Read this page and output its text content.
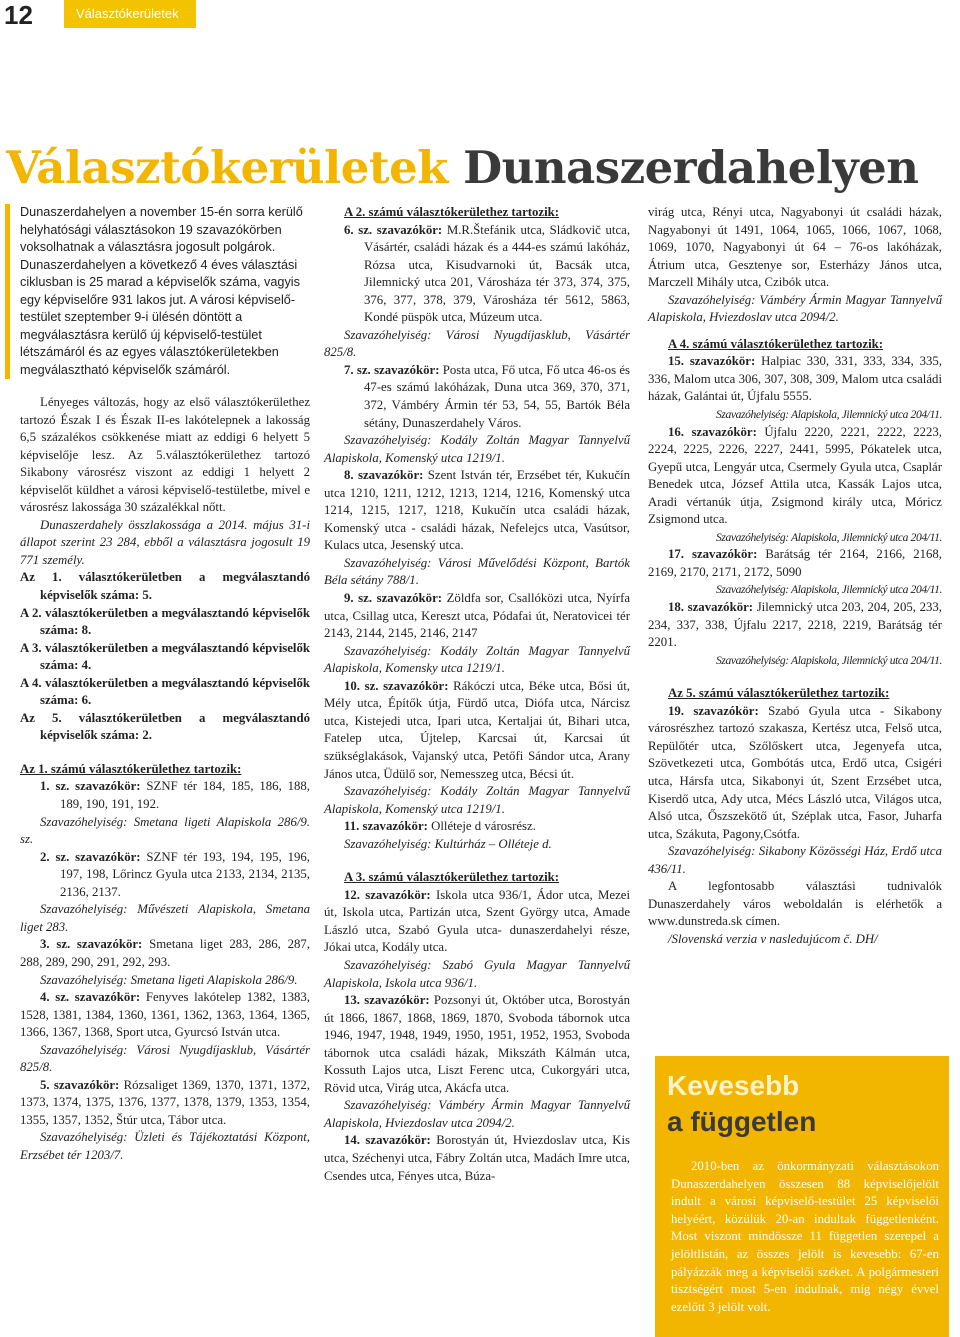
12	Választókerületek
Választókerületek Dunaszerdahelyen
Dunaszerdahelyen a november 15-én sorra kerülő helyhatósági választásokon 19 szavazókörben voksolhatnak a választásra jogosult polgárok. Dunaszerdahelyen a következő 4 éves választási ciklusban is 25 marad a képviselők száma, vagyis egy képviselőre 931 lakos jut. A városi képviselő-testület szeptember 9-i ülésén döntött a megválasztásra kerülő új képviselő-testület létszámáról és az egyes választókerületekben megválasztható képviselők számáról.

Lényeges változás, hogy az első választókerülethez tartozó Észak I és Észak II-es lakótelepnek a lakosság 6,5 százalékos csökkenése miatt az eddigi 6 helyett 5 képviselője lesz. Az 5.választókerülethez tartozó Sikabony városrész viszont az eddigi 1 helyett 2 képviselőt küldhet a városi képviselő-testületbe, mivel e városrész lakossága 30 százalékkal nőtt.

Dunaszerdahely összlakossága a 2014. május 31-i állapot szerint 23 284, ebből a választásra jogosult 19 771 személy.

Az 1. választókerületben a megválasztandó képviselők száma: 5.

A 2. választókerületben a megválasztandó képviselők száma: 8.

A 3. választókerületben a megválasztandó képviselők száma: 4.

A 4. választókerületben a megválasztandó képviselők száma: 6.

Az 5. választókerületben a megválasztandó képviselők száma: 2.

Az 1. számú választókerülethez tartozik:

1. sz. szavazókör: SZNF tér 184, 185, 186, 188, 189, 190, 191, 192.

Szavazóhelyiség: Smetana ligeti Alapiskola 286/9. sz.

2. sz. szavazókör: SZNF tér 193, 194, 195, 196, 197, 198, Lőrincz Gyula utca 2133, 2134, 2135, 2136, 2137.

Szavazóhelyiség: Művészeti Alapiskola, Smetana liget 283.

3. sz. szavazókör: Smetana liget 283, 286, 287, 288, 289, 290, 291, 292, 293.

Szavazóhelyiség: Smetana ligeti Alapiskola 286/9.

4. sz. szavazókör: Fenyves lakótelep 1382, 1383, 1528, 1381, 1384, 1360, 1361, 1362, 1363, 1364, 1365, 1366, 1367, 1368, Sport utca, Gyurcsó István utca.

Szavazóhelyiség: Városi Nyugdíjasklub, Vásártér 825/8.

5. szavazókör: Rózsaliget 1369, 1370, 1371, 1372, 1373, 1374, 1375, 1376, 1377, 1378, 1379, 1353, 1354, 1355, 1357, 1352, Štúr utca, Tábor utca.

Szavazóhelyiség: Üzleti és Tájékoztatási Központ, Erzsébet tér 1203/7.

A 2. számú választókerülethez tartozik:

6. sz. szavazókör: M.R.Štefánik utca, Sládkovič utca, Vásártér, családi házak és a 444-es számú lakóház, Rózsa utca, Kisudvarnoki út, Bacsák utca, Jilemnický utca 201, Városháza tér 373, 374, 375, 376, 377, 378, 379, Városháza tér 5612, 5863, Kondé püspök utca, Múzeum utca.

Szavazóhelyiség: Városi Nyugdíjasklub, Vásártér 825/8.

7. sz. szavazókör: Posta utca, Fő utca, Fő utca 46-os és 47-es számú lakóházak, Duna utca 369, 370, 371, 372, Vámbéry Ármin tér 53, 54, 55, Bartók Béla sétány, Dunaszerdahely Város.

Szavazóhelyiség: Kodály Zoltán Magyar Tannyelvű Alapiskola, Komenský utca 1219/1.

8. szavazókör: Szent István tér, Erzsébet tér, Kukučín utca 1210, 1211, 1212, 1213, 1214, 1216, Komenský utca 1214, 1215, 1217, 1218, Kukučín utca családi házak, Komenský utca - családi házak, Nefelejcs utca, Vasútsor, Kulacs utca, Jesenský utca.

Szavazóhelyiség: Városi Művelődési Központ, Bartók Béla sétány 788/1.

9. sz. szavazókör: Zöldfa sor, Csallóközi utca, Nyírfa utca, Csillag utca, Kereszt utca, Pódafai út, Neratovicei tér 2143, 2144, 2145, 2146, 2147

Szavazóhelyiség: Kodály Zoltán Magyar Tannyelvű Alapiskola, Komensky utca 1219/1.

10. sz. szavazókör: Rákóczi utca, Béke utca, Bősi út, Mély utca, Építők útja, Fürdő utca, Diófa utca, Nárcisz utca, Kistejedi utca, Ipari utca, Kertaljai út, Bihari utca, Fatelep utca, Újtelep, Karcsai út, Karcsai út szükséglakások, Vajanský utca, Petőfi Sándor utca, Arany János utca, Üdülő sor, Nemesszeg utca, Bécsi út.

Szavazóhelyiség: Kodály Zoltán Magyar Tannyelvű Alapiskola, Komenský utca 1219/1.

11. szavazókör: Olléteje d városrész.

Szavazóhelyiség: Kultúrház – Olléteje d.

A 3. számú választókerülethez tartozik:

12. szavazókör: Iskola utca 936/1, Ádor utca, Mezei út, Iskola utca, Partizán utca, Szent György utca, Amade László utca, Szabó Gyula utca- dunaszerdahelyi része, Jókai utca, Kodály utca.

Szavazóhelyiség: Szabó Gyula Magyar Tannyelvű Alapiskola, Iskola utca 936/1.

13. szavazókör: Pozsonyi út, Október utca, Borostyán út 1866, 1867, 1868, 1869, 1870, Svoboda tábornok utca 1946, 1947, 1948, 1949, 1950, 1951, 1952, 1953, Svoboda tábornok utca családi házak, Mikszáth Kálmán utca, Kossuth Lajos utca, Liszt Ferenc utca, Cukorgyári utca, Rövid utca, Virág utca, Akácfa utca.

Szavazóhelyiség: Vámbéry Ármin Magyar Tannyelvű Alapiskola, Hviezdoslav utca 2094/2.

14. szavazókör: Borostyán út, Hviezdoslav utca, Kis utca, Széchenyi utca, Fábry Zoltán utca, Madách Imre utca, Csendes utca, Fényes utca, Búza-

virág utca, Rényi utca, Nagyabonyi út családi házak, Nagyabonyi út 1491, 1064, 1065, 1066, 1067, 1068, 1069, 1070, Nagyabonyi út 64 – 76-os lakóházak, Átrium utca, Gesztenye sor, Esterházy János utca, Marczell Mihály utca, Czibók utca.

Szavazóhelyiség: Vámbéry Ármin Magyar Tannyelvű Alapiskola, Hviezdoslav utca 2094/2.

A 4. számú választókerülethez tartozik:

15. szavazókör: Halpiac 330, 331, 333, 334, 335, 336, Malom utca 306, 307, 308, 309, Malom utca családi házak, Galántai út, Újfalu 5555.

Szavazóhelyiség: Alapiskola, Jilemnický utca 204/11.

16. szavazókör: Újfalu 2220, 2221, 2222, 2223, 2224, 2225, 2226, 2227, 2441, 5995, Pókatelek utca, Gyepű utca, Lengyár utca, Csermely Gyula utca, Csaplár Benedek utca, József Attila utca, Kassák Lajos utca, Aradi vértanúk útja, Zsigmond király utca, Móricz Zsigmond utca.

Szavazóhelyiség: Alapiskola, Jilemnický utca 204/11.

17. szavazókör: Barátság tér 2164, 2166, 2168, 2169, 2170, 2171, 2172, 5090

Szavazóhelyiség: Alapiskola, Jilemnický utca 204/11.

18. szavazókör: Jilemnický utca 203, 204, 205, 233, 234, 337, 338, Újfalu 2217, 2218, 2219, Barátság tér 2201.

Szavazóhelyiség: Alapiskola, Jilemnický utca 204/11.

Az 5. számú választókerülethez tartozik:

19. szavazókör: Szabó Gyula utca - Sikabony városrészhez tartozó szakasza, Kertész utca, Felső utca, Repülőtér utca, Szőlőskert utca, Jegenyefa utca, Szövetkezeti utca, Gombótás utca, Erdő utca, Csigéri utca, Hársfa utca, Sikabonyi út, Szent Erzsébet utca, Kiserdő utca, Ady utca, Mécs László utca, Világos utca, Alsó utca, Őszszekötő út, Széplak utca, Fasor, Juharfa utca, Szákuta, Pagony,Csótfa.

Szavazóhelyiség: Sikabony Közösségi Ház, Erdő utca 436/11.

A legfontosabb választási tudnivalók Dunaszerdahely város weboldalán is elérhetők a www.dunstreda.sk címen.

/Slovenská verzia v nasledujúcom č. DH/

Kevesebb
a független

2010-ben az önkormányzati választásokon Dunaszerdahelyen összesen 88 képviselőjelölt indult a városi képviselő-testület 25 képviselői helyéért, közülük 20-an indultak függetlenként. Most viszont mindössze 11 független szerepel a jelöltlistán, az összes jelölt is kevesebb: 67-en pályázzák meg a képviselői széket. A polgármesteri tisztségért most 5-en indulnak, míg négy évvel ezelőtt 3 jelölt volt.
